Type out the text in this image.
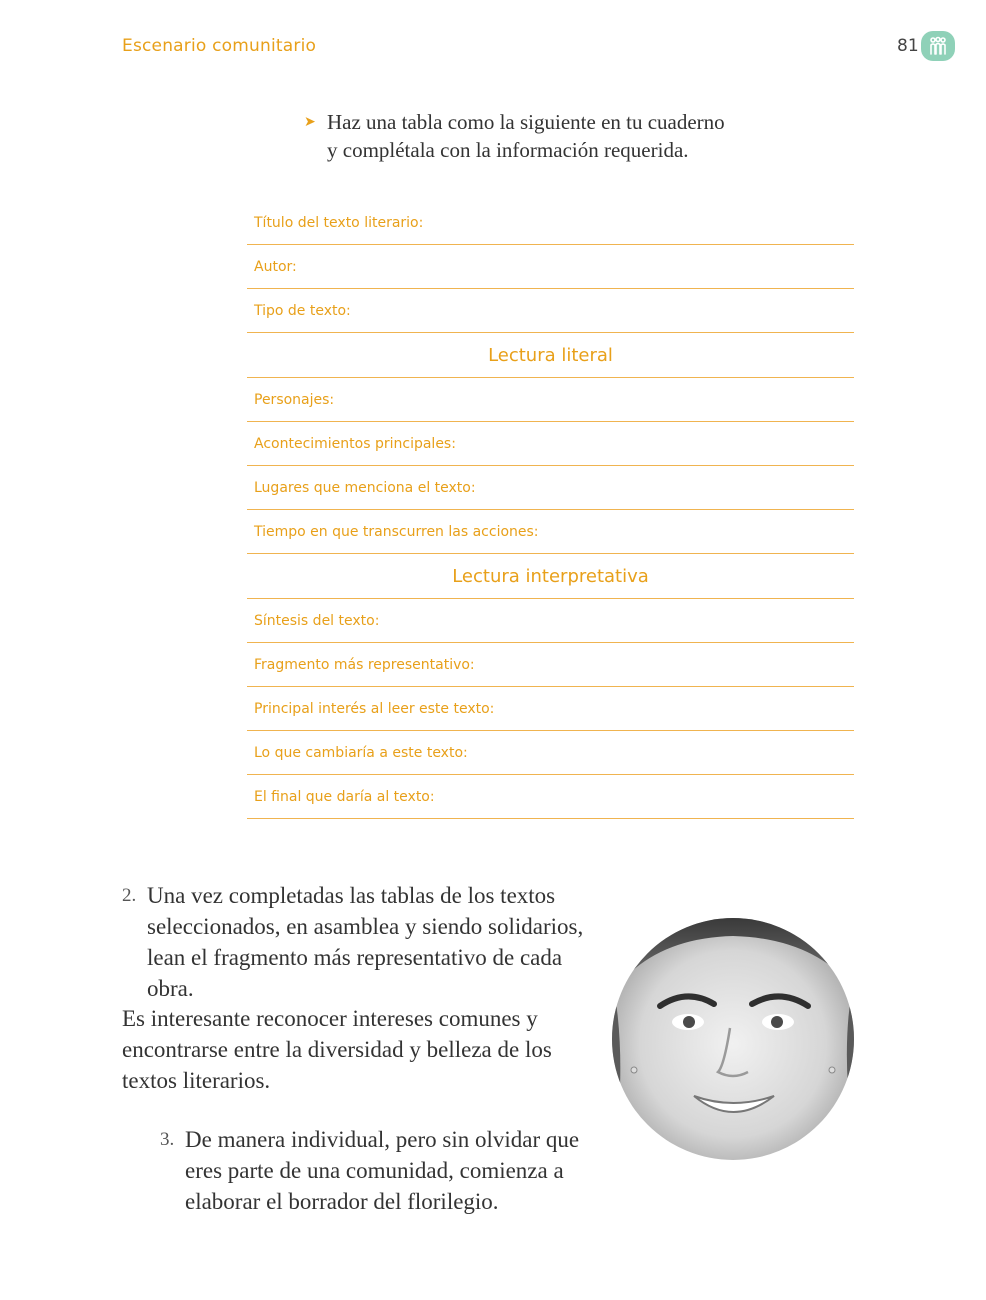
Escenario comunitario	81
➤ Haz una tabla como la siguiente en tu cuaderno y complétala con la información requerida.
Título del texto literario:
Autor:
Tipo de texto:
Lectura literal
Personajes:
Acontecimientos principales:
Lugares que menciona el texto:
Tiempo en que transcurren las acciones:
Lectura interpretativa
Síntesis del texto:
Fragmento más representativo:
Principal interés al leer este texto:
Lo que cambiaría a este texto:
El final que daría al texto:
2. Una vez completadas las tablas de los textos seleccionados, en asamblea y siendo solidarios, lean el fragmento más representativo de cada obra.
Es interesante reconocer intereses comunes y encontrarse entre la diversidad y belleza de los textos literarios.
3. De manera individual, pero sin olvidar que eres parte de una comunidad, comienza a elaborar el borrador del florilegio.
